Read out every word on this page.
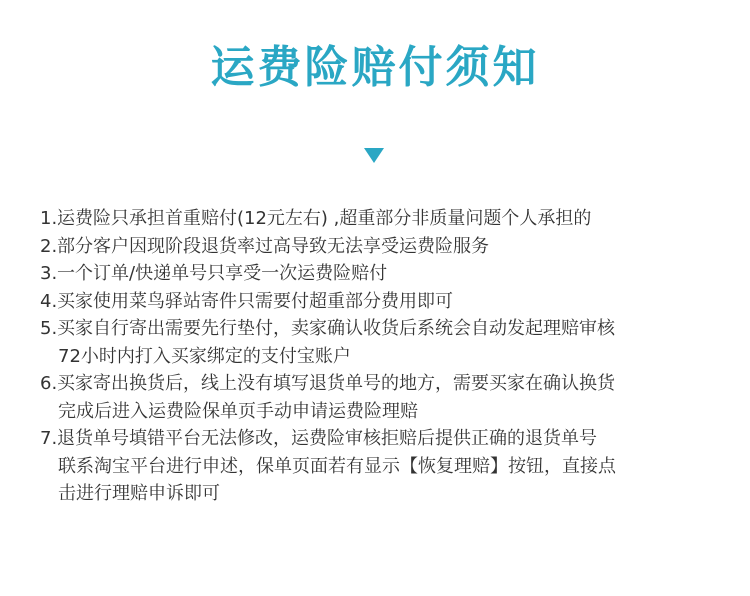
运费险赔付须知
1. 运费险只承担首重赔付(12元左右) ,超重部分非质量问题个人承担的
2. 部分客户因现阶段退货率过高导致无法享受运费险服务
3. 一个订单/快递单号只享受一次运费险赔付
4. 买家使用菜鸟驿站寄件只需要付超重部分费用即可
5. 买家自行寄出需要先行垫付，卖家确认收货后系统会自动发起理赔审核
72小时内打入买家绑定的支付宝账户
6. 买家寄出换货后，线上没有填写退货单号的地方，需要买家在确认换货
完成后进入运费险保单页手动申请运费险理赔
7. 退货单号填错平台无法修改，运费险审核拒赔后提供正确的退货单号
联系淘宝平台进行申述，保单页面若有显示【恢复理赔】按钮，直接点
击进行理赔申诉即可
